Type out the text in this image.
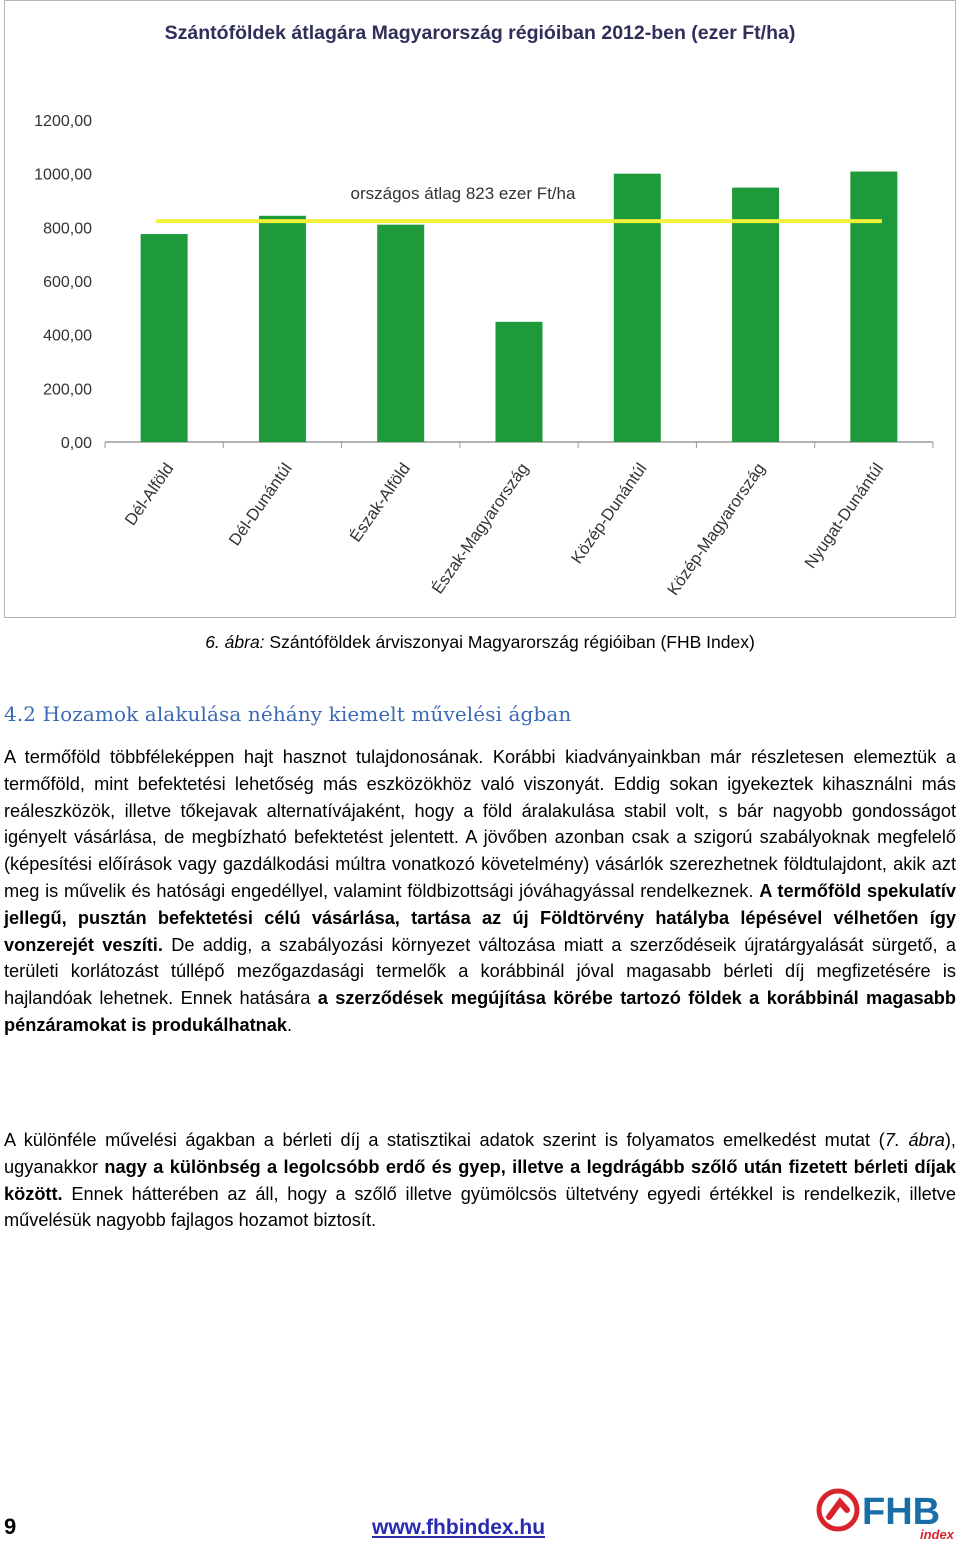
Szántóföldek átlagára Magyarország régióiban 2012-ben (ezer Ft/ha)
0,00
200,00
400,00
600,00
800,00
1000,00
1200,00
Dél-Alföld	Dél-Dunántúl	Észak-Alföld Észak-Magyarország Közép-Dunántúl Közép-Magyarország Nyugat-Dunántúl
országos átlag 823 ezer Ft/ha
6. ábra: Szántóföldek árviszonyai Magyarország régióiban (FHB Index)
4.2 Hozamok alakulása néhány kiemelt művelési ágban

A termőföld többféleképpen hajt hasznot tulajdonosának. Korábbi kiadványainkban már részletesen elemeztük a termőföld, mint befektetési lehetőség más eszközökhöz való viszonyát. Eddig sokan igyekeztek kihasználni más reáleszközök, illetve tőkejavak alternatívájaként, hogy a föld áralakulása stabil volt, s bár nagyobb gondosságot igényelt vásárlása, de megbízható befektetést jelentett. A jövőben azonban csak a szigorú szabályoknak megfelelő (képesítési előírások vagy gazdálkodási múltra vonatkozó követelmény) vásárlók szerezhetnek földtulajdont, akik azt meg is művelik és hatósági engedéllyel, valamint földbizottsági jóváhagyással rendelkeznek. A termőföld spekulatív jellegű, pusztán befektetési célú vásárlása, tartása az új Földtörvény hatályba lépésével vélhetően így vonzerejét veszíti. De addig, a szabályozási környezet változása miatt a szerződéseik újratárgyalását sürgető, a területi korlátozást túllépő mezőgazdasági termelők a korábbinál jóval magasabb bérleti díj megfizetésére is hajlandóak lehetnek. Ennek hatására a szerződések megújítása körébe tartozó földek a korábbinál magasabb pénzáramokat is produkálhatnak.

A különféle művelési ágakban a bérleti díj a statisztikai adatok szerint is folyamatos emelkedést mutat (7. ábra), ugyanakkor nagy a különbség a legolcsóbb erdő és gyep, illetve a legdrágább szőlő után fizetett bérleti díjak között. Ennek hátterében az áll, hogy a szőlő illetve gyümölcsös ültetvény egyedi értékkel is rendelkezik, illetve művelésük nagyobb fajlagos hozamot biztosít.

9	www.fhbindex.hu	FHB
index
